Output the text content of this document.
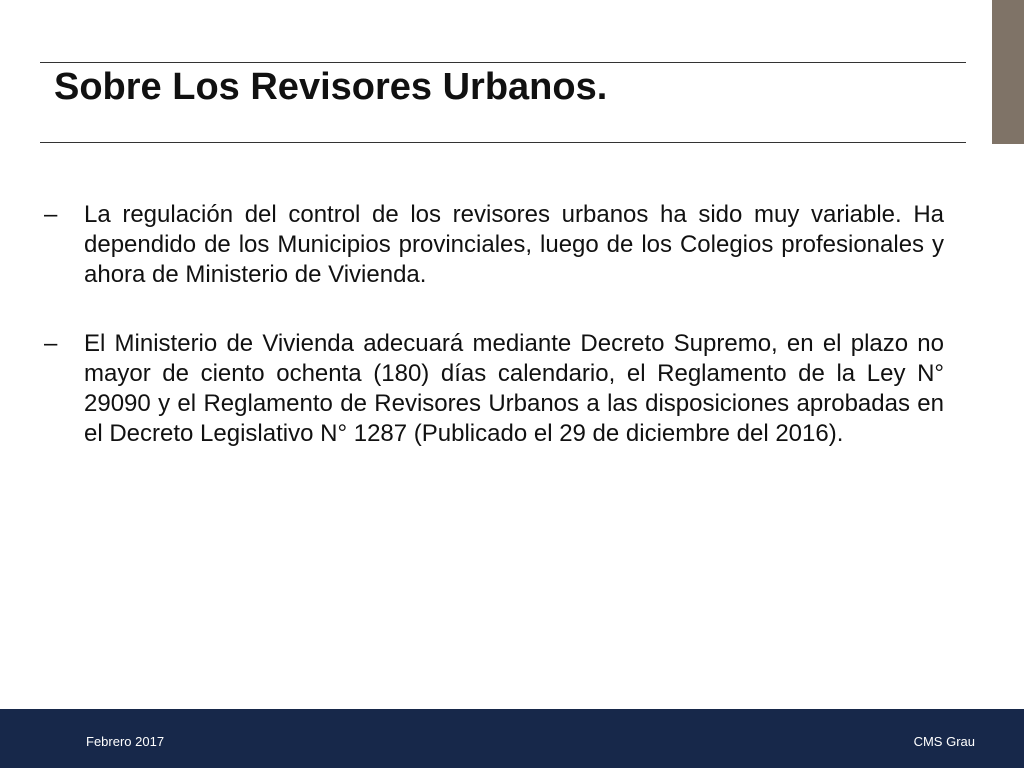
Sobre Los Revisores Urbanos.
–	La regulación del control de los revisores urbanos ha sido muy variable. Ha dependido de los Municipios provinciales, luego de los Colegios profesionales y ahora de Ministerio de Vivienda.
–	El Ministerio de Vivienda adecuará mediante Decreto Supremo, en el plazo no mayor de ciento ochenta (180) días calendario, el Reglamento de la Ley N° 29090 y el Reglamento de Revisores Urbanos a las disposiciones aprobadas en el Decreto Legislativo N° 1287 (Publicado el 29 de diciembre del 2016).
Febrero 2017	CMS Grau
